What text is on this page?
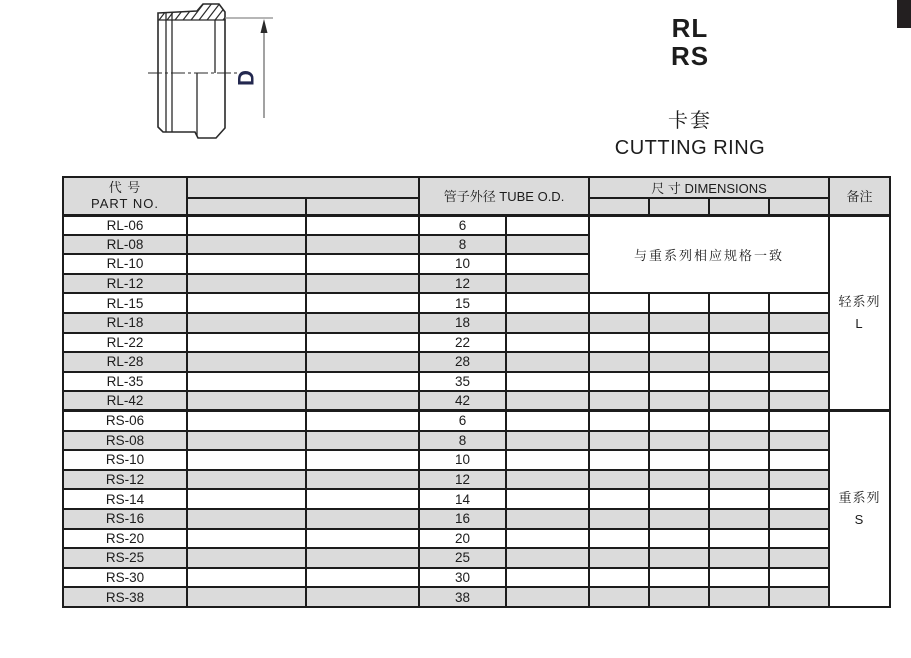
D
RL
RS
卡套
CUTTING RING
代 号
PART NO.			管子外径 TUBE O.D.		尺 寸 DIMENSIONS				备注

RL-06			6		与重系列相应规格一致				轻系列
L

RL-08			8						
RL-10			10						
RL-12			12						
RL-15			15						
RL-18			18						
RL-22			22						
RL-28			28						
RL-35			35						
RL-42			42						
RS-06			6						重系列
S

RS-08			8						
RS-10			10						
RS-12			12						
RS-14			14						
RS-16			16						
RS-20			20						
RS-25			25						
RS-30			30						
RS-38			38						
